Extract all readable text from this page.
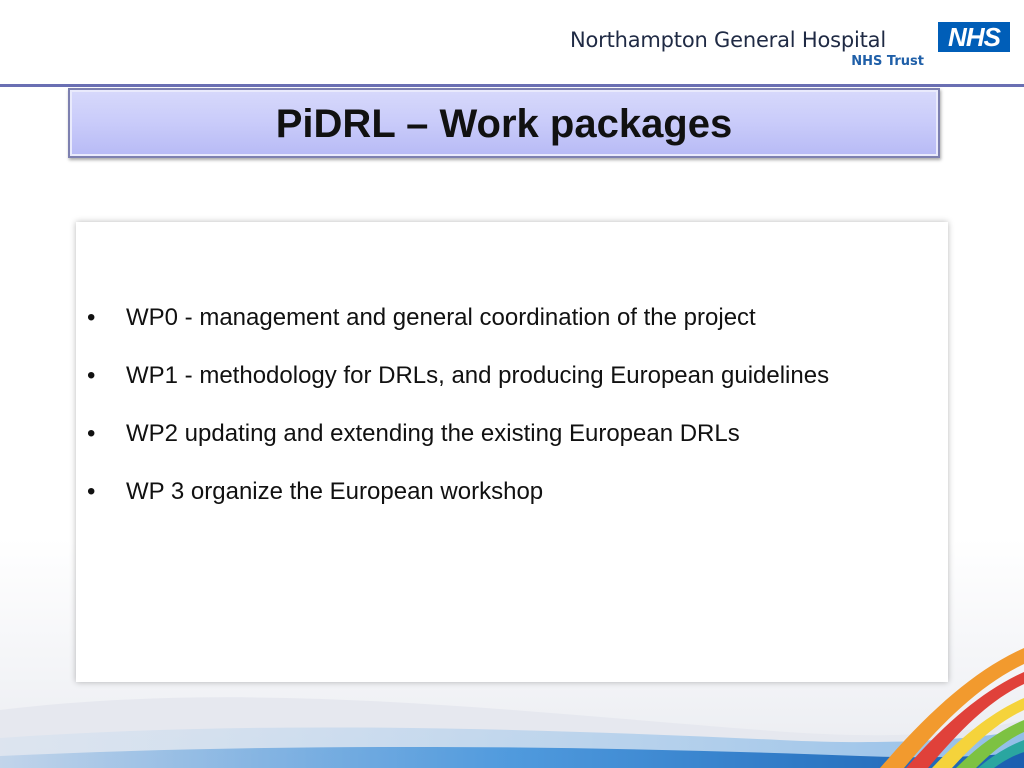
Northampton General Hospital
NHS Trust
NHS
PiDRL – Work packages
• WP0 - management and general coordination of the project
• WP1 - methodology for DRLs, and producing European guidelines
• WP2 updating and extending the existing European DRLs
• WP 3 organize the European workshop
